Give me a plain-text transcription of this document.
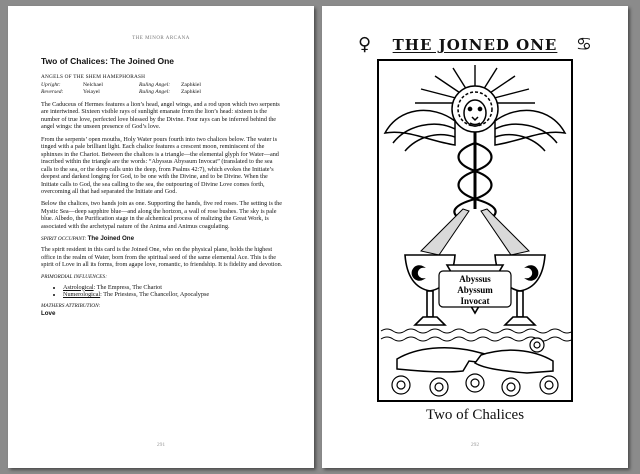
THE MINOR ARCANA
Two of Chalices: The Joined One
ANGELS OF THE SHEM HAMEPHORASH
Upright:	Nelchael	Ruling Angel:	Zaphkiel
Reversed:	Yeiayel	Ruling Angel:	Zaphkiel

The Caduceus of Hermes features a lion’s head, angel wings, and a rod upon which two serpents are intertwined. Sixteen visible rays of sunlight emanate from the lion’s head: sixteen is the number of true love, perfected love blessed by the Divine. Four rays can be inferred behind the angel wings: the unseen presence of God’s love.

From the serpents’ open mouths, Holy Water pours fourth into two chalices below. The water is tinged with a pale brilliant light. Each chalice features a crescent moon, reminiscent of the sphinxes in the Chariot. Between the chalices is a triangle—the elemental glyph for Water—and inscribed within the triangle are the words: “Abyssus Abyssum Invocat” (translated to the sea calls to the sea, or the deep calls unto the deep, from Psalms 42:7), which evokes the Initiate’s deepest and darkest longing for God, to be one with the Divine, and to be Divine. When the Initiate calls to God, the sea calling to the sea, the outpouring of Divine Love comes forth, overcoming all that had separated the Initiate and God.

Below the chalices, two hands join as one. Supporting the hands, five red roses. The setting is the Mystic Sea—deep sapphire blue—and along the horizon, a wall of rose bushes. The sky is pale blue. Albedo, the Purification stage in the alchemical process of realizing the Great Work, is associated with the archetypal nature of the Anima and Animus coagulating.

SPIRIT OCCUPANT: The Joined One

The spirit resident in this card is the Joined One, who on the physical plane, holds the highest office in the realm of Water, born from the spiritual seed of the same elemental Ace. This is the spirit of Love in all its forms, from agape love, romantic, to friendship. It is fidelity and devotion.

PRIMORDIAL INFLUENCES:
• Astrological: The Empress, The Chariot
• Numerological: The Priestess, The Chancellor, Apocalypse
MATHERS ATTRIBUTION:
Love
291
♀	THE JOINED ONE	♋
Abyssus
Abyssum
Invocat
Two of Chalices
292
